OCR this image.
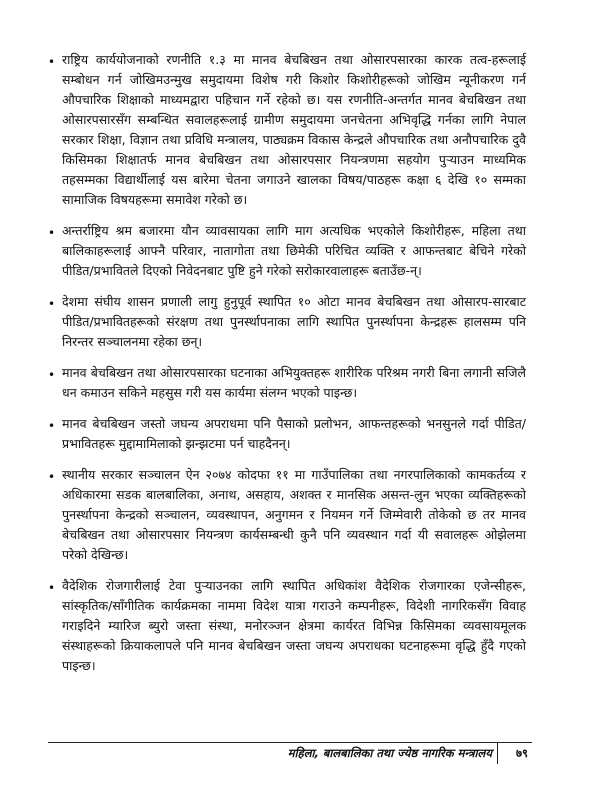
• राष्ट्रिय कार्ययोजनाको रणनीति १.३ मा मानव बेचबिखन तथा ओसारपसारका कारक तत्व-हरूलाई सम्बोधन गर्न जोखिमउन्मुख समुदायमा विशेष गरी किशोर किशोरीहरूको जोखिम न्यूनीकरण गर्न औपचारिक शिक्षाको माध्यमद्वारा पहिचान गर्ने रहेको छ। यस रणनीति-अन्तर्गत मानव बेचबिखन तथा ओसारपसारसँग सम्बन्धित सवालहरूलाई ग्रामीण समुदायमा जनचेतना अभिवृद्धि गर्नका लागि नेपाल सरकार शिक्षा, विज्ञान तथा प्रविधि मन्त्रालय, पाठ्यक्रम विकास केन्द्रले औपचारिक तथा अनौपचारिक दुवै किसिमका शिक्षातर्फ मानव बेचबिखन तथा ओसारपसार नियन्त्रणमा सहयोग पुऱ्याउन माध्यमिक तहसम्मका विद्यार्थीलाई यस बारेमा चेतना जगाउने खालका विषय/पाठहरू कक्षा ६ देखि १० सम्मका सामाजिक विषयहरूमा समावेश गरेको छ।
• अन्तर्राष्ट्रिय श्रम बजारमा यौन व्यावसायका लागि माग अत्यधिक भएकोले किशोरीहरू, महिला तथा बालिकाहरूलाई आफ्नै परिवार, नातागोता तथा छिमेकी परिचित व्यक्ति र आफन्तबाट बेचिने गरेको पीडित/प्रभावितले दिएको निवेदनबाट पुष्टि हुने गरेको सरोकारवालाहरू बताउँछ-न्।
• देशमा संघीय शासन प्रणाली लागु हुनुपूर्व स्थापित १० ओटा मानव बेचबिखन तथा ओसारप-सारबाट पीडित/प्रभावितहरूको संरक्षण तथा पुनर्स्थापनाका लागि स्थापित पुनर्स्थापना केन्द्रहरू हालसम्म पनि निरन्तर सञ्चालनमा रहेका छन्।
• मानव बेचबिखन तथा ओसारपसारका घटनाका अभियुक्तहरू शारीरिक परिश्रम नगरी बिना लगानी सजिलै धन कमाउन सकिने महसुस गरी यस कार्यमा संलग्न भएको पाइन्छ।
• मानव बेचबिखन जस्तो जघन्य अपराधमा पनि पैसाको प्रलोभन, आफन्तहरूको भनसुनले गर्दा पीडित/प्रभावितहरू मुद्दामामिलाको झन्झटमा पर्न चाहदैनन्।
• स्थानीय सरकार सञ्चालन ऐन २०७४ कोदफा ११ मा गाउँपालिका तथा नगरपालिकाको कामकर्तव्य र अधिकारमा सडक बालबालिका, अनाथ, असहाय, अशक्त र मानसिक असन्त-लुन भएका व्यक्तिहरूको पुनर्स्थापना केन्द्रको सञ्चालन, व्यवस्थापन, अनुगमन र नियमन गर्ने जिम्मेवारी तोकेको छ तर मानव बेचबिखन तथा ओसारपसार नियन्त्रण कार्यसम्बन्धी कुनै पनि व्यवस्थान गर्दा यी सवालहरू ओझेलमा परेको देखिन्छ।
• वैदेशिक रोजगारीलाई टेवा पुऱ्याउनका लागि स्थापित अधिकांश वैदेशिक रोजगारका एजेन्सीहरू, सांस्कृतिक/साँगीतिक कार्यक्रमका नाममा विदेश यात्रा गराउने कम्पनीहरू, विदेशी नागरिकसँग विवाह गराइदिने म्यारिज ब्युरो जस्ता संस्था, मनोरञ्जन क्षेत्रमा कार्यरत विभिन्न किसिमका व्यवसायमूलक संस्थाहरूको क्रियाकलापले पनि मानव बेचबिखन जस्ता जघन्य अपराधका घटनाहरूमा वृद्धि हुँदै गएको पाइन्छ।
महिला, बालबालिका तथा ज्येष्ठ नागरिक मन्त्रालय ७९
